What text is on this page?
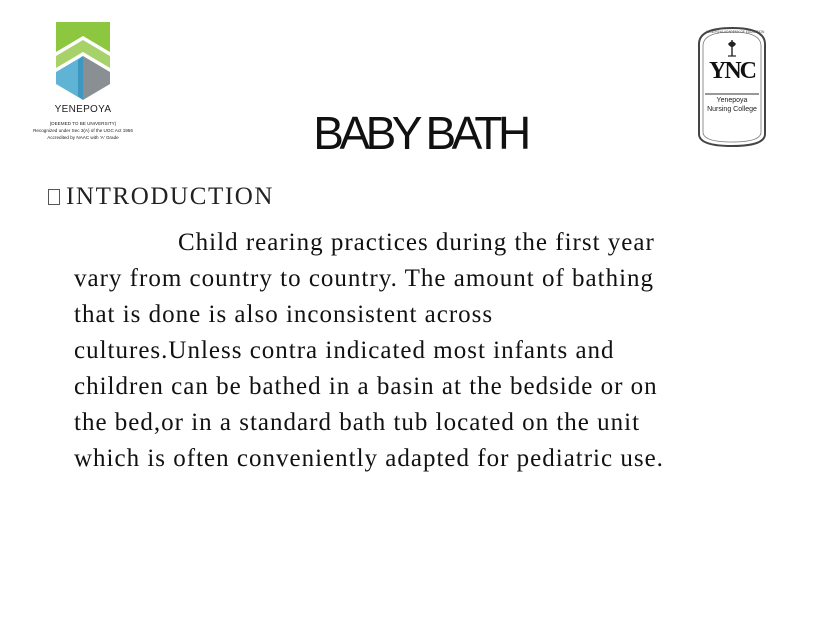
YENEPOYA
(DEEMED TO BE UNIVERSITY)
Recognized under Sec 3(A) of the UGC Act 1956
Accredited by NAAC with 'A' Grade
YENEPOYA ACADEMY OF EDUCATION
YNC
Yenepoya
Nursing College
BABY BATH
INTRODUCTION

Child rearing practices during the first year
vary from country to country. The amount of bathing
that is done is also inconsistent across
cultures.Unless contra indicated most infants and
children can be bathed in a basin at the bedside or on
the bed,or in a standard bath tub located on the unit
which is often conveniently adapted for pediatric use.
